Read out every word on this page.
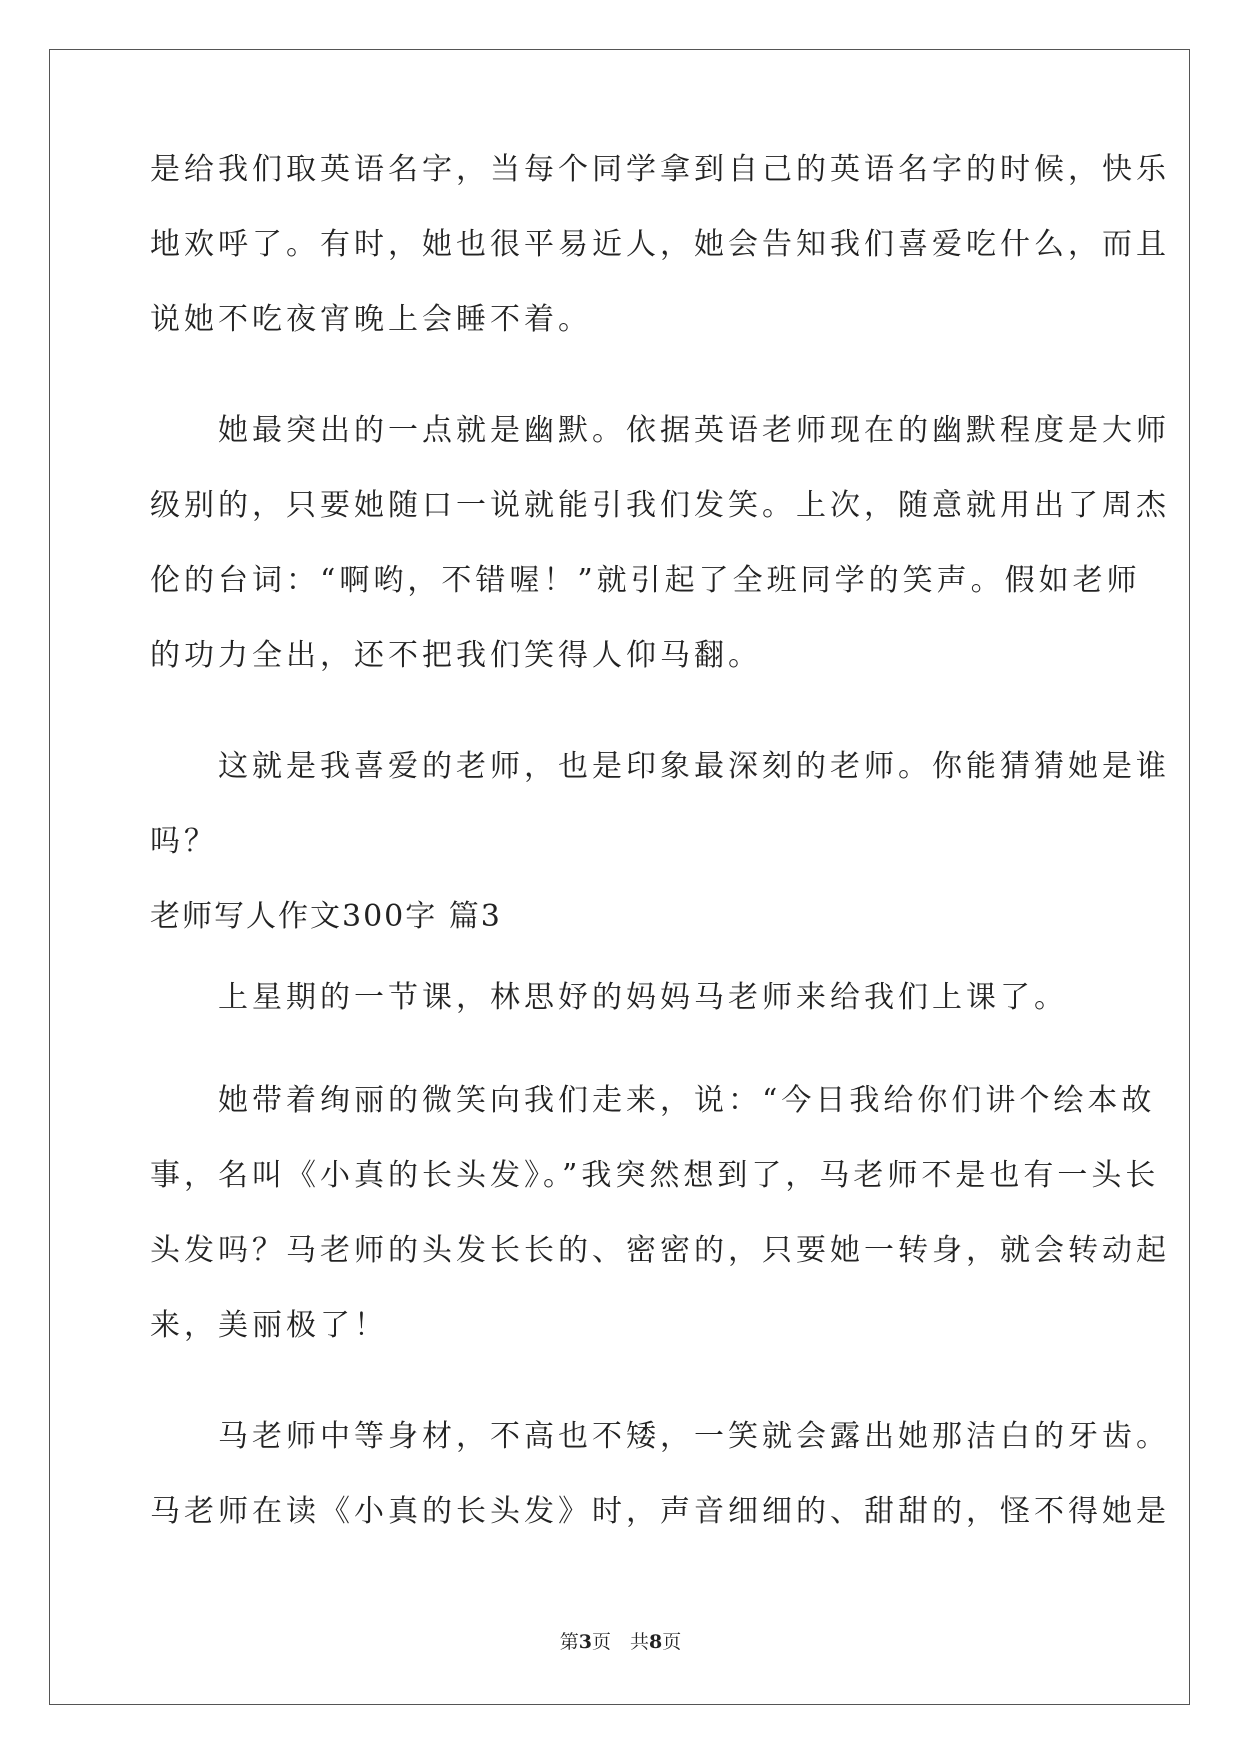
是给我们取英语名字，当每个同学拿到自己的英语名字的时候，快乐
地欢呼了。有时，她也很平易近人，她会告知我们喜爱吃什么，而且
说她不吃夜宵晚上会睡不着。
　　她最突出的一点就是幽默。依据英语老师现在的幽默程度是大师
级别的，只要她随口一说就能引我们发笑。上次，随意就用出了周杰
伦的台词：“啊哟，不错喔！”就引起了全班同学的笑声。假如老师
的功力全出，还不把我们笑得人仰马翻。
　　这就是我喜爱的老师，也是印象最深刻的老师。你能猜猜她是谁
吗？
老师写人作文300字 篇3
　　上星期的一节课，林思妤的妈妈马老师来给我们上课了。
　　她带着绚丽的微笑向我们走来，说：“今日我给你们讲个绘本故
事，名叫《小真的长头发》。”我突然想到了，马老师不是也有一头长
头发吗？马老师的头发长长的、密密的，只要她一转身，就会转动起
来，美丽极了！
　　马老师中等身材，不高也不矮，一笑就会露出她那洁白的牙齿。
马老师在读《小真的长头发》时，声音细细的、甜甜的，怪不得她是
第3页　共8页
